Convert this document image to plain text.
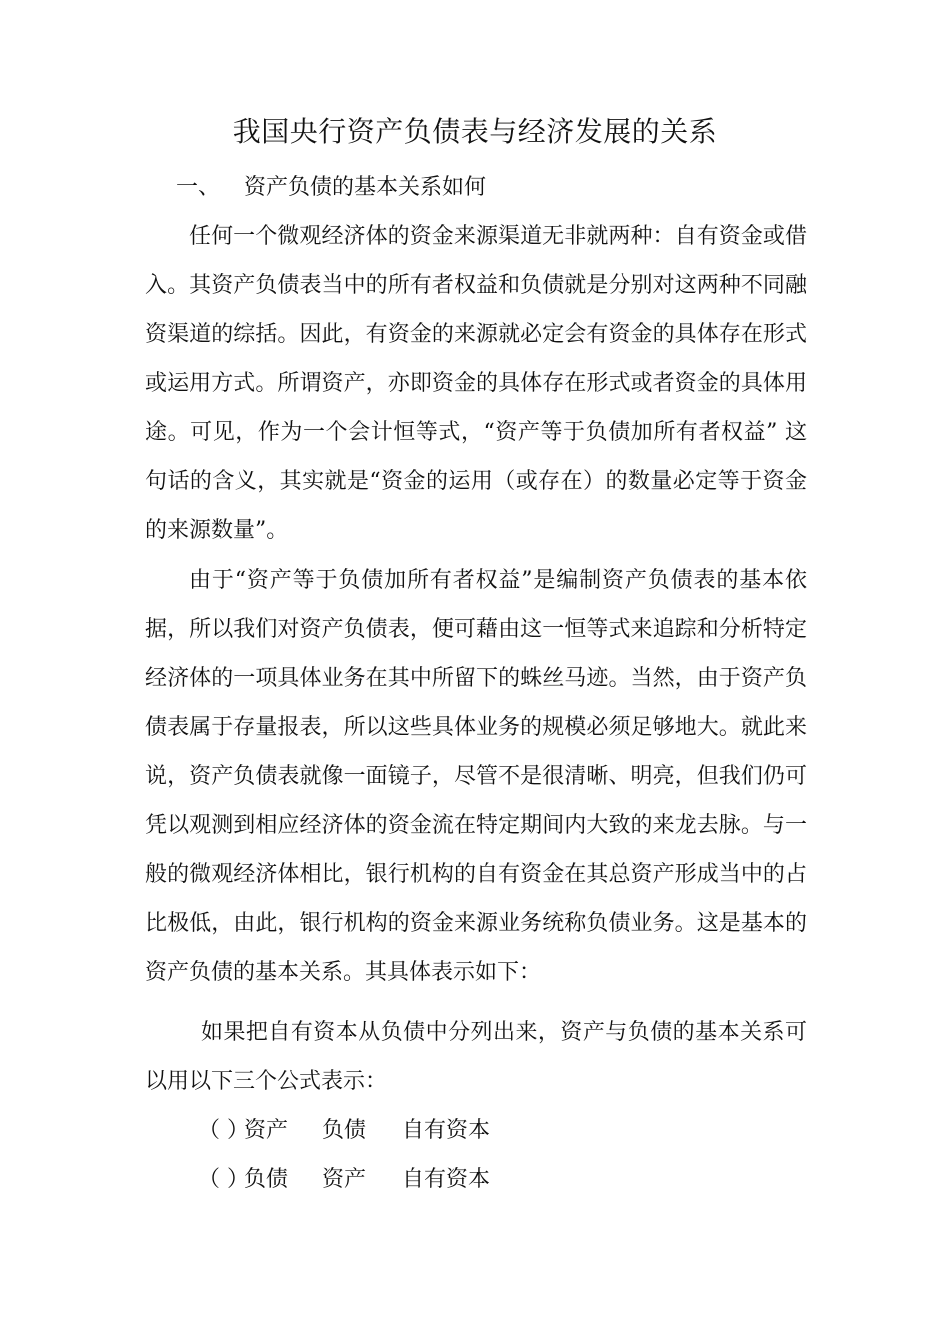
我国央行资产负债表与经济发展的关系
一、 资产负债的基本关系如何

任何一个微观经济体的资金来源渠道无非就两种：自有资金或借入。其资产负债表当中的所有者权益和负债就是分别对这两种不同融资渠道的综括。因此，有资金的来源就必定会有资金的具体存在形式或运用方式。所谓资产，亦即资金的具体存在形式或者资金的具体用途。可见，作为一个会计恒等式，“资产等于负债加所有者权益” 这句话的含义，其实就是“资金的运用（或存在）的数量必定等于资金的来源数量”。

由于“资产等于负债加所有者权益”是编制资产负债表的基本依据，所以我们对资产负债表，便可藉由这一恒等式来追踪和分析特定经济体的一项具体业务在其中所留下的蛛丝马迹。当然，由于资产负债表属于存量报表，所以这些具体业务的规模必须足够地大。就此来说，资产负债表就像一面镜子，尽管不是很清晰、明亮，但我们仍可凭以观测到相应经济体的资金流在特定期间内大致的来龙去脉。与一般的微观经济体相比，银行机构的自有资金在其总资产形成当中的占比极低，由此，银行机构的资金来源业务统称负债业务。这是基本的资产负债的基本关系。其具体表示如下：

如果把自有资本从负债中分列出来，资产与负债的基本关系可以用以下三个公式表示：

（ ）资产 负债 自有资本
（ ）负债 资产 自有资本
